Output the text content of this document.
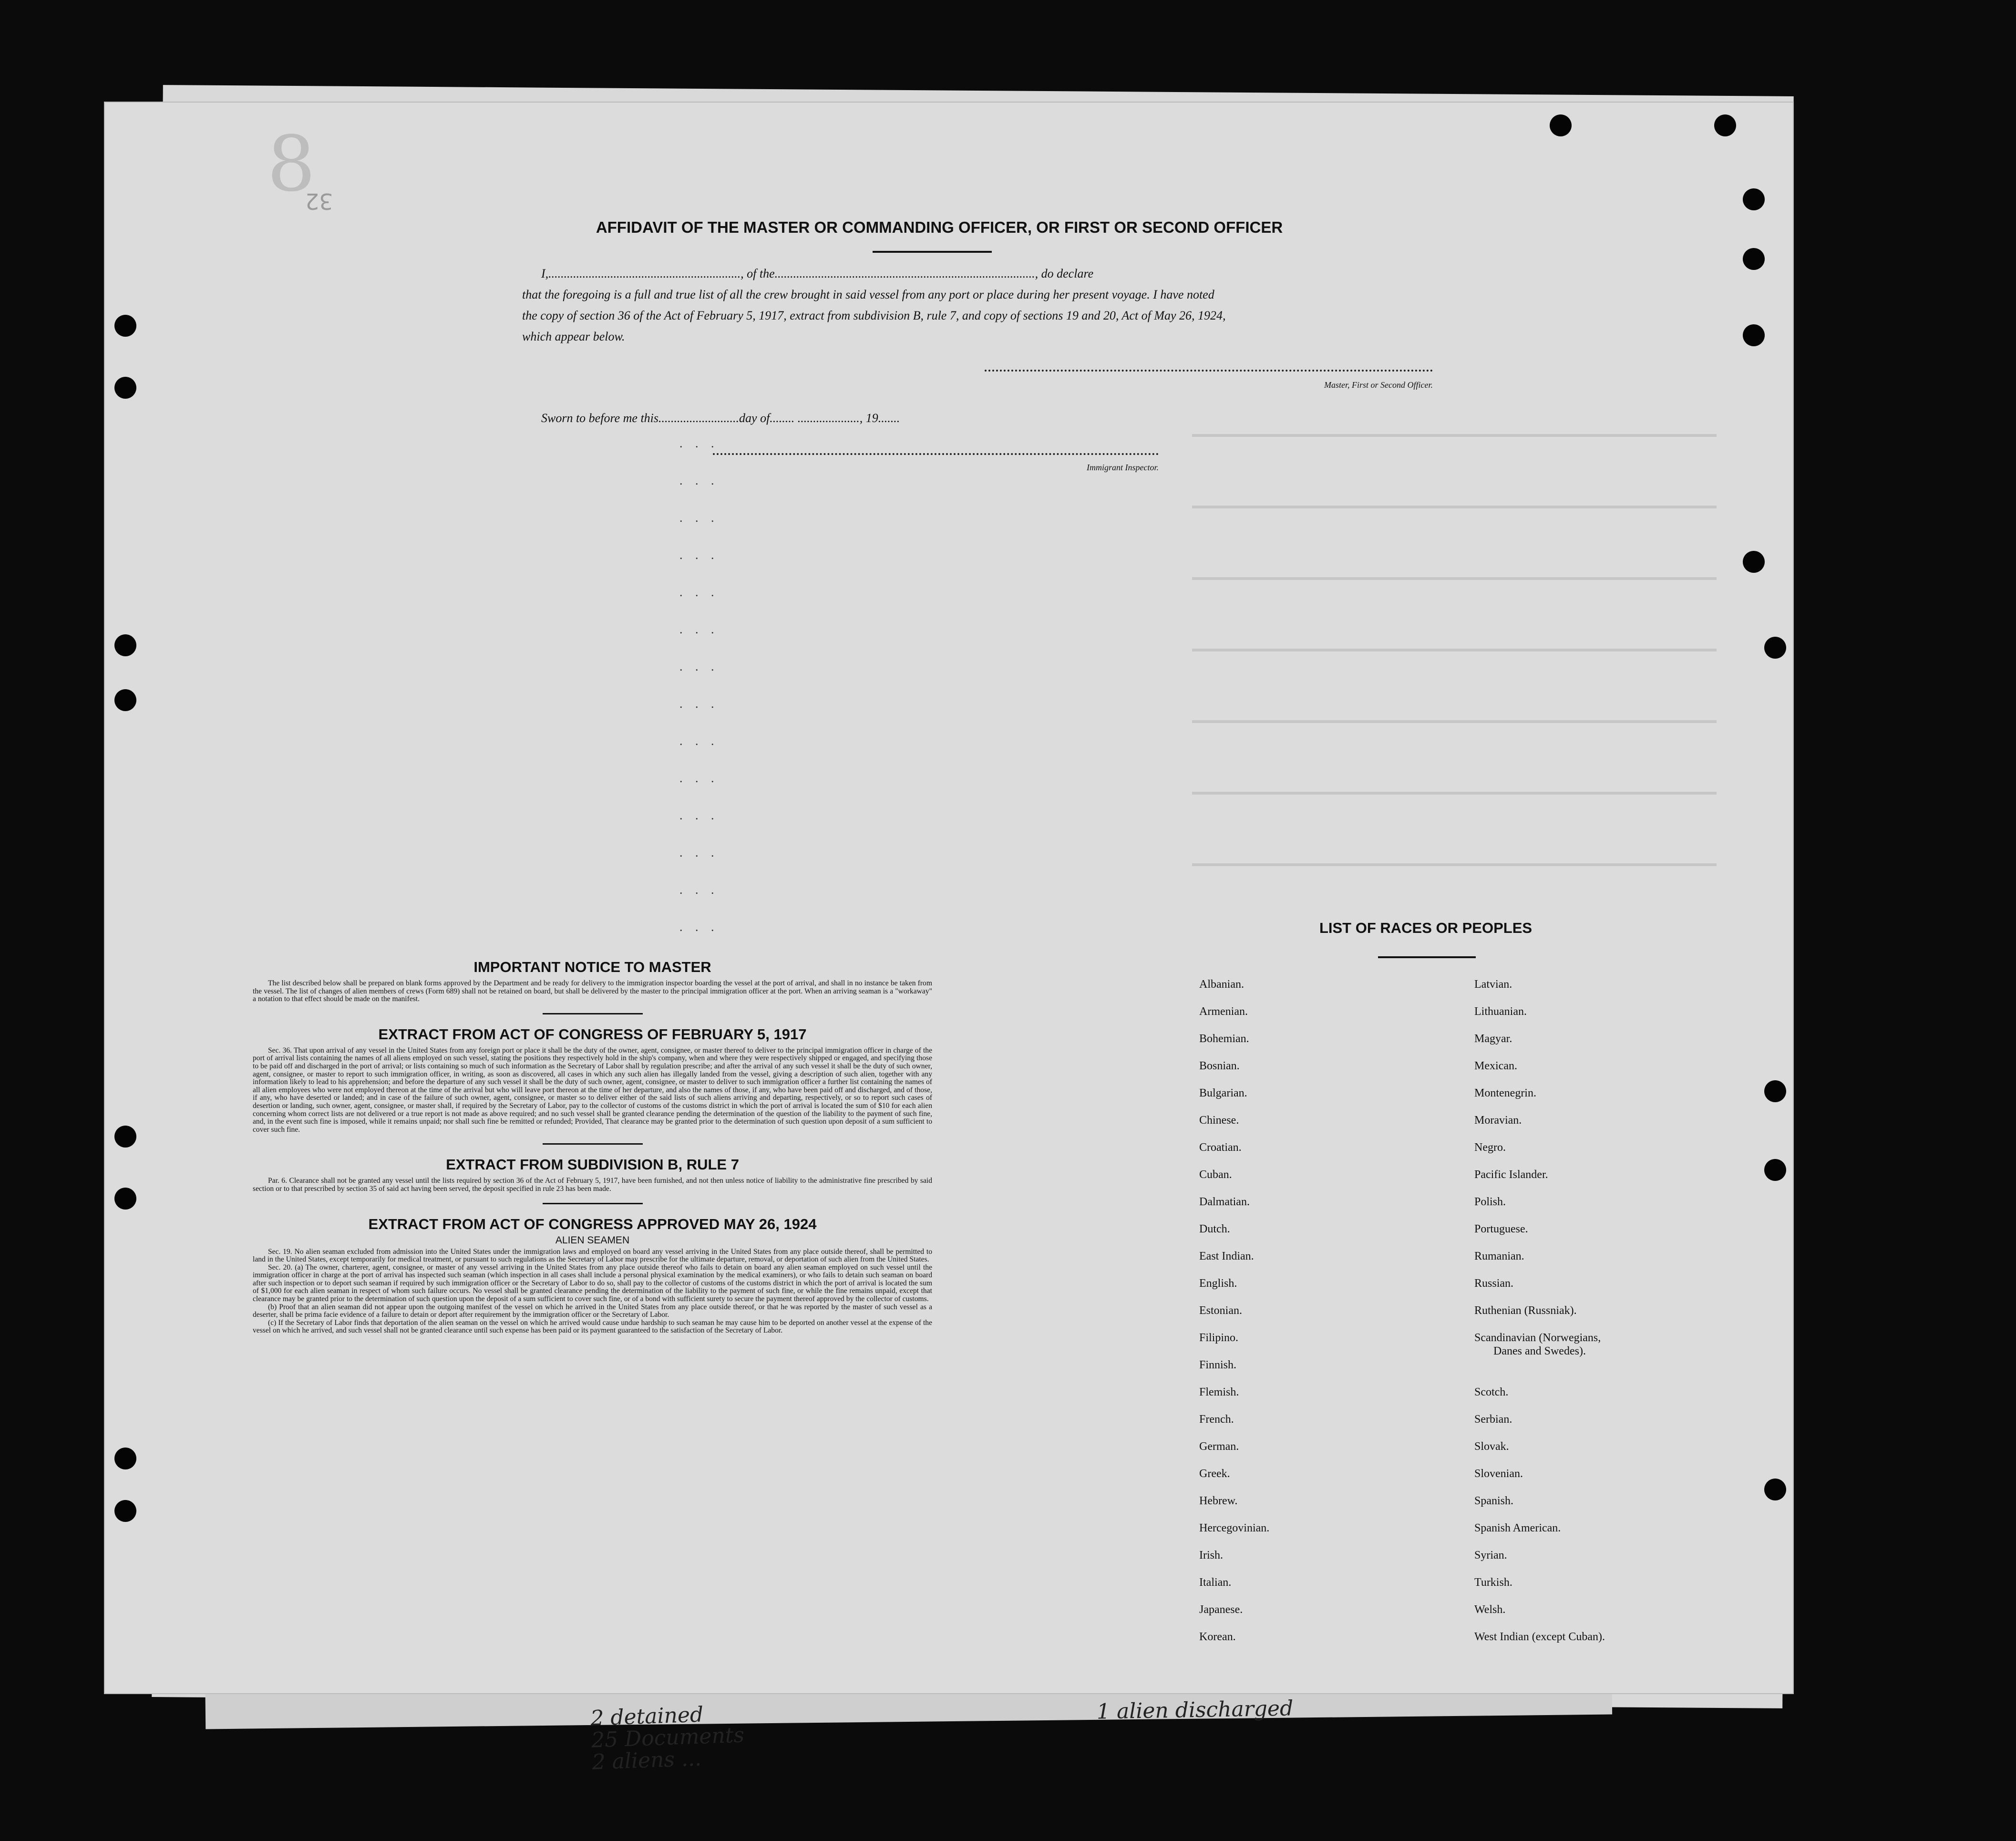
8
32
AFFIDAVIT OF THE MASTER OR COMMANDING OFFICER, OR FIRST OR SECOND OFFICER

I,.............................................................., of the...................................................................................., do declare

that the foregoing is a full and true list of all the crew brought in said vessel from any port or place during her present voyage. I have noted

the copy of section 36 of the Act of February 5, 1917, extract from subdivision B, rule 7, and copy of sections 19 and 20, Act of May 26, 1924,

which appear below.

Master, First or Second Officer.
Sworn to before me this..........................day of........ ...................., 19.......
Immigrant Inspector.
IMPORTANT NOTICE TO MASTER

The list described below shall be prepared on blank forms approved by the Department and be ready for delivery to the immigration inspector boarding the vessel at the port of arrival, and shall in no instance be taken from the vessel. The list of changes of alien members of crews (Form 689) shall not be retained on board, but shall be delivered by the master to the principal immigration officer at the port. When an arriving seaman is a "workaway" a notation to that effect should be made on the manifest.

EXTRACT FROM ACT OF CONGRESS OF FEBRUARY 5, 1917

Sec. 36. That upon arrival of any vessel in the United States from any foreign port or place it shall be the duty of the owner, agent, consignee, or master thereof to deliver to the principal immigration officer in charge of the port of arrival lists containing the names of all aliens employed on such vessel, stating the positions they respectively hold in the ship's company, when and where they were respectively shipped or engaged, and specifying those to be paid off and discharged in the port of arrival; or lists containing so much of such information as the Secretary of Labor shall by regulation prescribe; and after the arrival of any such vessel it shall be the duty of such owner, agent, consignee, or master to report to such immigration officer, in writing, as soon as discovered, all cases in which any such alien has illegally landed from the vessel, giving a description of such alien, together with any information likely to lead to his apprehension; and before the departure of any such vessel it shall be the duty of such owner, agent, consignee, or master to deliver to such immigration officer a further list containing the names of all alien employees who were not employed thereon at the time of the arrival but who will leave port thereon at the time of her departure, and also the names of those, if any, who have been paid off and discharged, and of those, if any, who have deserted or landed; and in case of the failure of such owner, agent, consignee, or master so to deliver either of the said lists of such aliens arriving and departing, respectively, or so to report such cases of desertion or landing, such owner, agent, consignee, or master shall, if required by the Secretary of Labor, pay to the collector of customs of the customs district in which the port of arrival is located the sum of $10 for each alien concerning whom correct lists are not delivered or a true report is not made as above required; and no such vessel shall be granted clearance pending the determination of the question of the liability to the payment of such fine, and, in the event such fine is imposed, while it remains unpaid; nor shall such fine be remitted or refunded; Provided, That clearance may be granted prior to the determination of such question upon deposit of a sum sufficient to cover such fine.

EXTRACT FROM SUBDIVISION B, RULE 7

Par. 6. Clearance shall not be granted any vessel until the lists required by section 36 of the Act of February 5, 1917, have been furnished, and not then unless notice of liability to the administrative fine prescribed by said section or to that prescribed by section 35 of said act having been served, the deposit specified in rule 23 has been made.

EXTRACT FROM ACT OF CONGRESS APPROVED MAY 26, 1924
ALIEN SEAMEN

Sec. 19. No alien seaman excluded from admission into the United States under the immigration laws and employed on board any vessel arriving in the United States from any place outside thereof, shall be permitted to land in the United States, except temporarily for medical treatment, or pursuant to such regulations as the Secretary of Labor may prescribe for the ultimate departure, removal, or deportation of such alien from the United States.

Sec. 20. (a) The owner, charterer, agent, consignee, or master of any vessel arriving in the United States from any place outside thereof who fails to detain on board any alien seaman employed on such vessel until the immigration officer in charge at the port of arrival has inspected such seaman (which inspection in all cases shall include a personal physical examination by the medical examiners), or who fails to detain such seaman on board after such inspection or to deport such seaman if required by such immigration officer or the Secretary of Labor to do so, shall pay to the collector of customs of the customs district in which the port of arrival is located the sum of $1,000 for each alien seaman in respect of whom such failure occurs. No vessel shall be granted clearance pending the determination of the liability to the payment of such fine, or while the fine remains unpaid, except that clearance may be granted prior to the determination of such question upon the deposit of a sum sufficient to cover such fine, or of a bond with sufficient surety to secure the payment thereof approved by the collector of customs.

(b) Proof that an alien seaman did not appear upon the outgoing manifest of the vessel on which he arrived in the United States from any place outside thereof, or that he was reported by the master of such vessel as a deserter, shall be prima facie evidence of a failure to detain or deport after requirement by the immigration officer or the Secretary of Labor.

(c) If the Secretary of Labor finds that deportation of the alien seaman on the vessel on which he arrived would cause undue hardship to such seaman he may cause him to be deported on another vessel at the expense of the vessel on which he arrived, and such vessel shall not be granted clearance until such expense has been paid or its payment guaranteed to the satisfaction of the Secretary of Labor.

LIST OF RACES OR PEOPLES
Albanian.
Armenian.
Bohemian.
Bosnian.
Bulgarian.
Chinese.
Croatian.
Cuban.
Dalmatian.
Dutch.
East Indian.
English.
Estonian.
Filipino.
Finnish.
Flemish.
French.
German.
Greek.
Hebrew.
Hercegovinian.
Irish.
Italian.
Japanese.
Korean.
Latvian.
Lithuanian.
Magyar.
Mexican.
Montenegrin.
Moravian.
Negro.
Pacific Islander.
Polish.
Portuguese.
Rumanian.
Russian.
Ruthenian (Russniak).
Scandinavian (Norwegians,
Danes and Swedes).
Scotch.
Serbian.
Slovak.
Slovenian.
Spanish.
Spanish American.
Syrian.
Turkish.
Welsh.
West Indian (except Cuban).
2 detained
25 Documents
2 aliens ...
1 alien discharged
. . .
. . .
. . .
. . .
. . .
. . .
. . .
. . .
. . .
. . .
. . .
. . .
. . .
. . .
